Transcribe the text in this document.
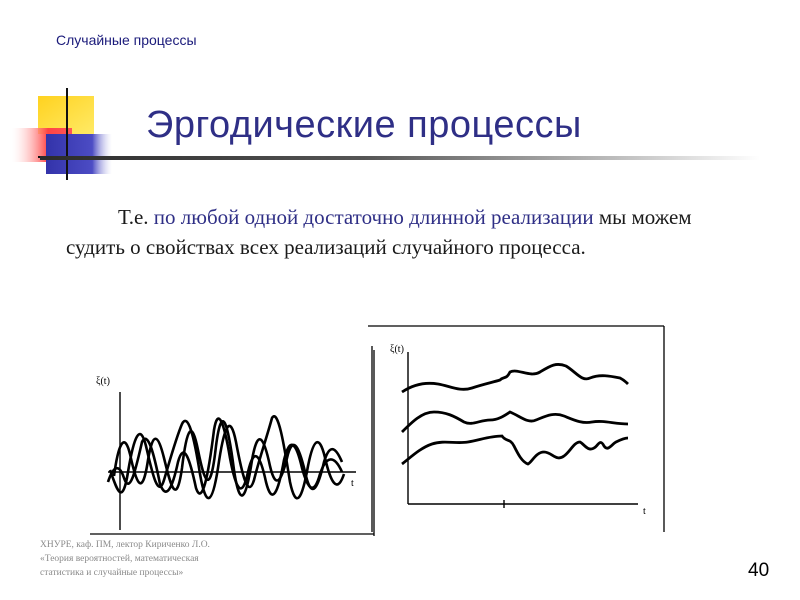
Случайные процессы
Эргодические процессы
Т.е. по любой одной достаточно длинной реализации мы можем судить о свойствах всех реализаций случайного процесса.
ξ(t)
t
ξ(t)
t
ХНУРЕ, каф. ПМ, лектор Кириченко Л.О.
«Теория вероятностей, математическая
статистика и случайные процессы»	40
